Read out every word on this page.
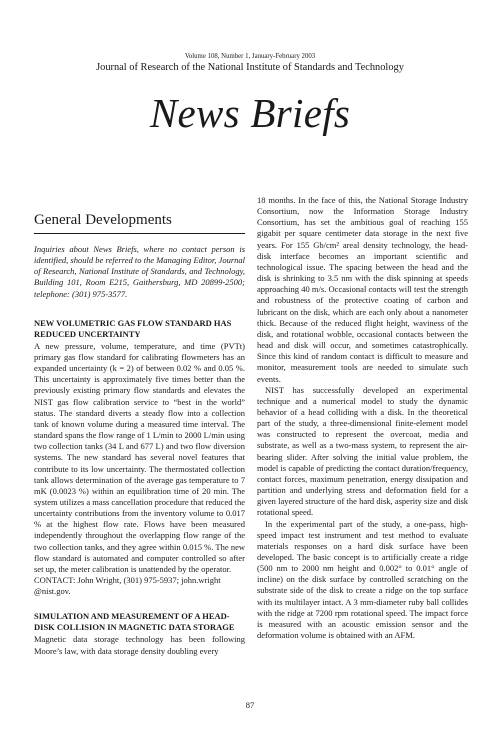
Volume 108, Number 1, January-February 2003
Journal of Research of the National Institute of Standards and Technology
News Briefs
General Developments

Inquiries about News Briefs, where no contact person is identified, should be referred to the Managing Editor, Journal of Research, National Institute of Standards, and Technology, Building 101, Room E215, Gaithersburg, MD 20899-2500; telephone: (301) 975-3577.

NEW VOLUMETRIC GAS FLOW STANDARD HAS REDUCED UNCERTAINTY

A new pressure, volume, temperature, and time (PVTt) primary gas flow standard for calibrating flowmeters has an expanded uncertainty (k = 2) of between 0.02 % and 0.05 %. This uncertainty is approximately five times better than the previously existing primary flow standards and elevates the NIST gas flow calibration service to “best in the world” status. The standard diverts a steady flow into a collection tank of known volume during a measured time interval. The standard spans the flow range of 1 L/min to 2000 L/min using two collection tanks (34 L and 677 L) and two flow diversion systems. The new standard has several novel features that contribute to its low uncertainty. The thermostated collection tank allows determination of the average gas temperature to 7 mK (0.0023 %) within an equilibration time of 20 min. The system utilizes a mass cancellation procedure that reduced the uncertainty contributions from the inventory volume to 0.017 % at the highest flow rate. Flows have been measured independently throughout the overlapping flow range of the two collection tanks, and they agree within 0.015 %. The new flow standard is automated and computer controlled so after set up, the meter calibration is unattended by the operator.

CONTACT: John Wright, (301) 975-5937; john.wright @nist.gov.

SIMULATION AND MEASUREMENT OF A HEAD-DISK COLLISION IN MAGNETIC DATA STORAGE

Magnetic data storage technology has been following Moore’s law, with data storage density doubling every

18 months. In the face of this, the National Storage Industry Consortium, now the Information Storage Industry Consortium, has set the ambitious goal of reaching 155 gigabit per square centimeter data storage in the next five years. For 155 Gb/cm² areal density technology, the head-disk interface becomes an important scientific and technological issue. The spacing between the head and the disk is shrinking to 3.5 nm with the disk spinning at speeds approaching 40 m/s. Occasional contacts will test the strength and robustness of the protective coating of carbon and lubricant on the disk, which are each only about a nanometer thick. Because of the reduced flight height, waviness of the disk, and rotational wobble, occasional contacts between the head and disk will occur, and sometimes catastrophically. Since this kind of random contact is difficult to measure and monitor, measurement tools are needed to simulate such events.

NIST has successfully developed an experimental technique and a numerical model to study the dynamic behavior of a head colliding with a disk. In the theoretical part of the study, a three-dimensional finite-element model was constructed to represent the overcoat, media and substrate, as well as a two-mass system, to represent the air-bearing slider. After solving the initial value problem, the model is capable of predicting the contact duration/frequency, contact forces, maximum penetration, energy dissipation and partition and underlying stress and deformation field for a given layered structure of the hard disk, asperity size and disk rotational speed.

In the experimental part of the study, a one-pass, high-speed impact test instrument and test method to evaluate materials responses on a hard disk surface have been developed. The basic concept is to artificially create a ridge (500 nm to 2000 nm height and 0.002° to 0.01° angle of incline) on the disk surface by controlled scratching on the substrate side of the disk to create a ridge on the top surface with its multilayer intact. A 3 mm-diameter ruby ball collides with the ridge at 7200 rpm rotational speed. The impact force is measured with an acoustic emission sensor and the deformation volume is obtained with an AFM.

87
